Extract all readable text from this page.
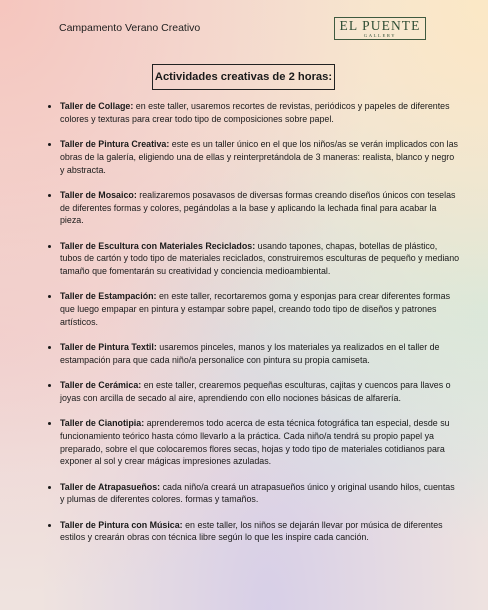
Campamento Verano Creativo	EL PUENTE
GALLERY
Actividades creativas de 2 horas:
• Taller de Collage: en este taller, usaremos recortes de revistas, periódicos y papeles de diferentes colores y texturas para crear todo tipo de composiciones sobre papel.
• Taller de Pintura Creativa: este es un taller único en el que los niños/as se verán implicados con las obras de la galería, eligiendo una de ellas y reinterpretándola de 3 maneras: realista, blanco y negro y abstracta.
• Taller de Mosaico: realizaremos posavasos de diversas formas creando diseños únicos con teselas de diferentes formas y colores, pegándolas a la base y aplicando la lechada final para acabar la pieza.
• Taller de Escultura con Materiales Reciclados: usando tapones, chapas, botellas de plástico, tubos de cartón y todo tipo de materiales reciclados, construiremos esculturas de pequeño y mediano tamaño que fomentarán su creatividad y conciencia medioambiental.
• Taller de Estampación: en este taller, recortaremos goma y esponjas para crear diferentes formas que luego empapar en pintura y estampar sobre papel, creando todo tipo de diseños y patrones artísticos.
• Taller de Pintura Textil: usaremos pinceles, manos y los materiales ya realizados en el taller de estampación para que cada niño/a personalice con pintura su propia camiseta.
• Taller de Cerámica: en este taller, crearemos pequeñas esculturas, cajitas y cuencos para llaves o joyas con arcilla de secado al aire, aprendiendo con ello nociones básicas de alfarería.
• Taller de Cianotipia: aprenderemos todo acerca de esta técnica fotográfica tan especial, desde su funcionamiento teórico hasta cómo llevarlo a la práctica. Cada niño/a tendrá su propio papel ya preparado, sobre el que colocaremos flores secas, hojas y todo tipo de materiales cotidianos para exponer al sol y crear mágicas impresiones azuladas.
• Taller de Atrapasueños: cada niño/a creará un atrapasueños único y original usando hilos, cuentas y plumas de diferentes colores. formas y tamaños.
• Taller de Pintura con Música: en este taller, los niños se dejarán llevar por música de diferentes estilos y crearán obras con técnica libre según lo que les inspire cada canción.
